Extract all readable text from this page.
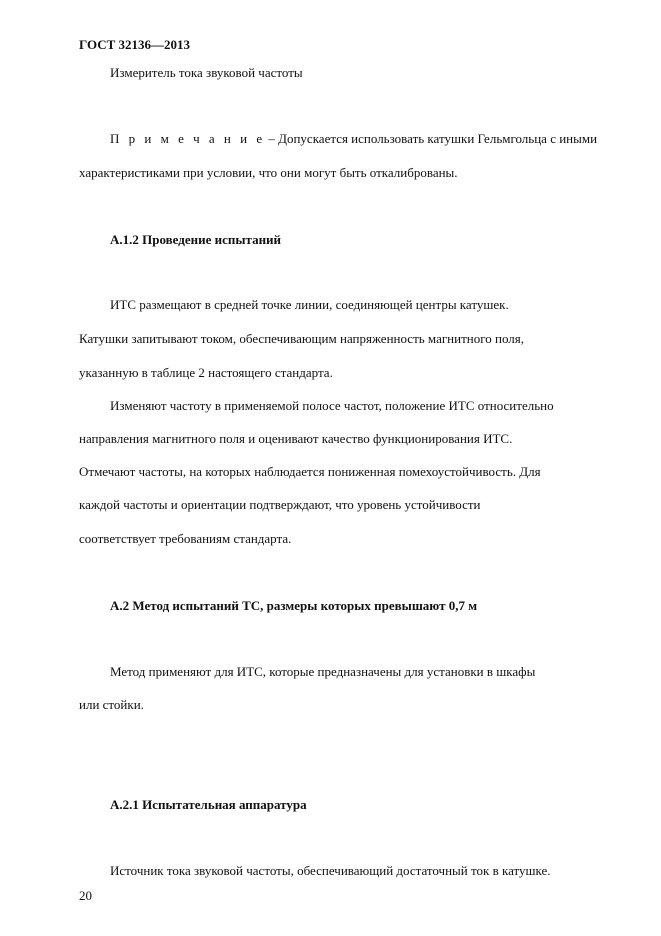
ГОСТ 32136—2013
Измеритель тока звуковой частоты
П р и м е ч а н и е – Допускается использовать катушки Гельмгольца с иными
характеристиками при условии, что они могут быть откалиброваны.
А.1.2 Проведение испытаний
ИТС размещают в средней точке линии, соединяющей центры катушек.
Катушки запитывают током, обеспечивающим напряженность магнитного поля,
указанную в таблице 2 настоящего стандарта.
Изменяют частоту в применяемой полосе частот, положение ИТС относительно
направления магнитного поля и оценивают качество функционирования ИТС.
Отмечают частоты, на которых наблюдается пониженная помехоустойчивость. Для
каждой частоты и ориентации подтверждают, что уровень устойчивости
соответствует требованиям стандарта.
А.2 Метод испытаний ТС, размеры которых превышают 0,7 м
Метод применяют для ИТС, которые предназначены для установки в шкафы
или стойки.
А.2.1 Испытательная аппаратура
Источник тока звуковой частоты, обеспечивающий достаточный ток в катушке.
20
